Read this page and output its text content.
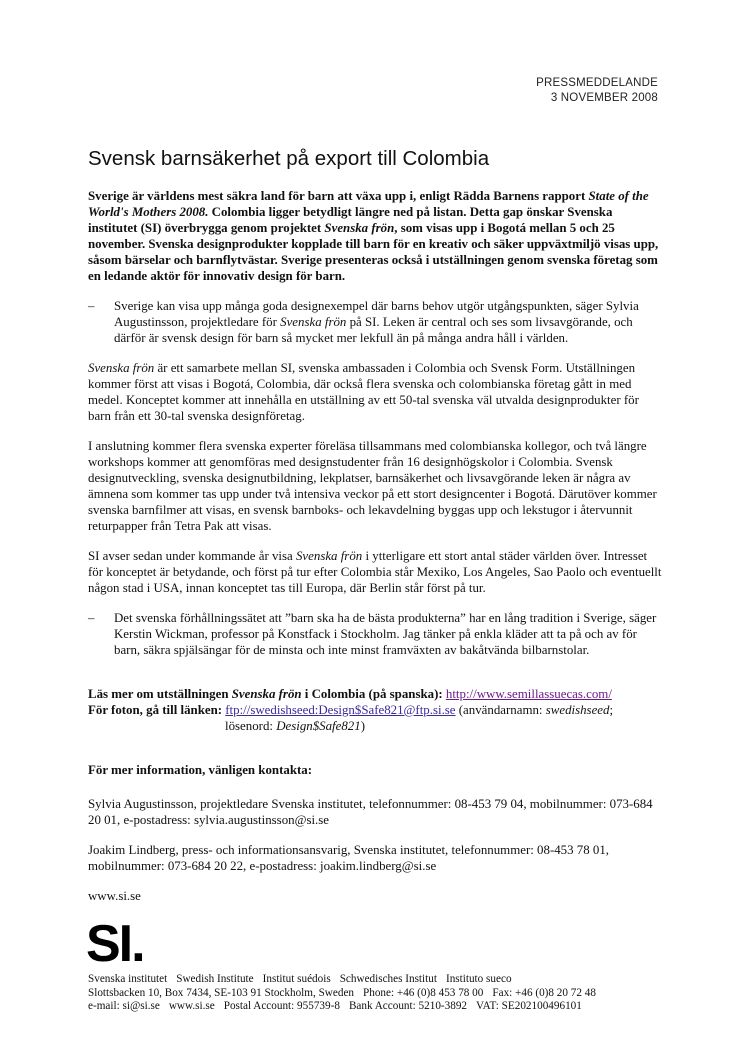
PRESSMEDDELANDE
3 NOVEMBER 2008
Svensk barnsäkerhet på export till Colombia

Sverige är världens mest säkra land för barn att växa upp i, enligt Rädda Barnens rapport State of the World's Mothers 2008. Colombia ligger betydligt längre ned på listan. Detta gap önskar Svenska institutet (SI) överbrygga genom projektet Svenska frön, som visas upp i Bogotá mellan 5 och 25 november. Svenska designprodukter kopplade till barn för en kreativ och säker uppväxtmiljö visas upp, såsom bärselar och barnflytvästar. Sverige presenteras också i utställningen genom svenska företag som en ledande aktör för innovativ design för barn.

– Sverige kan visa upp många goda designexempel där barns behov utgör utgångspunkten, säger Sylvia Augustinsson, projektledare för Svenska frön på SI. Leken är central och ses som livsavgörande, och därför är svensk design för barn så mycket mer lekfull än på många andra håll i världen.

Svenska frön är ett samarbete mellan SI, svenska ambassaden i Colombia och Svensk Form. Utställningen kommer först att visas i Bogotá, Colombia, där också flera svenska och colombianska företag gått in med medel. Konceptet kommer att innehålla en utställning av ett 50-tal svenska väl utvalda designprodukter för barn från ett 30-tal svenska designföretag.

I anslutning kommer flera svenska experter föreläsa tillsammans med colombianska kollegor, och två längre workshops kommer att genomföras med designstudenter från 16 designhögskolor i Colombia. Svensk designutveckling, svenska designutbildning, lekplatser, barnsäkerhet och livsavgörande leken är några av ämnena som kommer tas upp under två intensiva veckor på ett stort designcenter i Bogotá. Därutöver kommer svenska barnfilmer att visas, en svensk barnboks- och lekavdelning byggas upp och lekstugor i återvunnit returpapper från Tetra Pak att visas.

SI avser sedan under kommande år visa Svenska frön i ytterligare ett stort antal städer världen över. Intresset för konceptet är betydande, och först på tur efter Colombia står Mexiko, Los Angeles, Sao Paolo och eventuellt någon stad i USA, innan konceptet tas till Europa, där Berlin står först på tur.

– Det svenska förhållningssätet att ”barn ska ha de bästa produkterna” har en lång tradition i Sverige, säger Kerstin Wickman, professor på Konstfack i Stockholm. Jag tänker på enkla kläder att ta på och av för barn, säkra spjälsängar för de minsta och inte minst framväxten av bakåtvända bilbarnstolar.

Läs mer om utställningen Svenska frön i Colombia (på spanska): http://www.semillassuecas.com/
För foton, gå till länken: ftp://swedishseed:Design$Safe821@ftp.si.se (användarnamn: swedishseed;
lösenord: Design$Safe821)

För mer information, vänligen kontakta:

Sylvia Augustinsson, projektledare Svenska institutet, telefonnummer: 08-453 79 04, mobilnummer: 073-684 20 01, e-postadress: sylvia.augustinsson@si.se

Joakim Lindberg, press- och informationsansvarig, Svenska institutet, telefonnummer: 08-453 78 01, mobilnummer: 073-684 20 22, e-postadress: joakim.lindberg@si.se

www.si.se

SI.
Svenska institutet Swedish Institute Institut suédois Schwedisches Institut Instituto sueco
Slottsbacken 10, Box 7434, SE-103 91 Stockholm, Sweden Phone: +46 (0)8 453 78 00 Fax: +46 (0)8 20 72 48
e-mail: si@si.se www.si.se Postal Account: 955739-8 Bank Account: 5210-3892 VAT: SE202100496101
